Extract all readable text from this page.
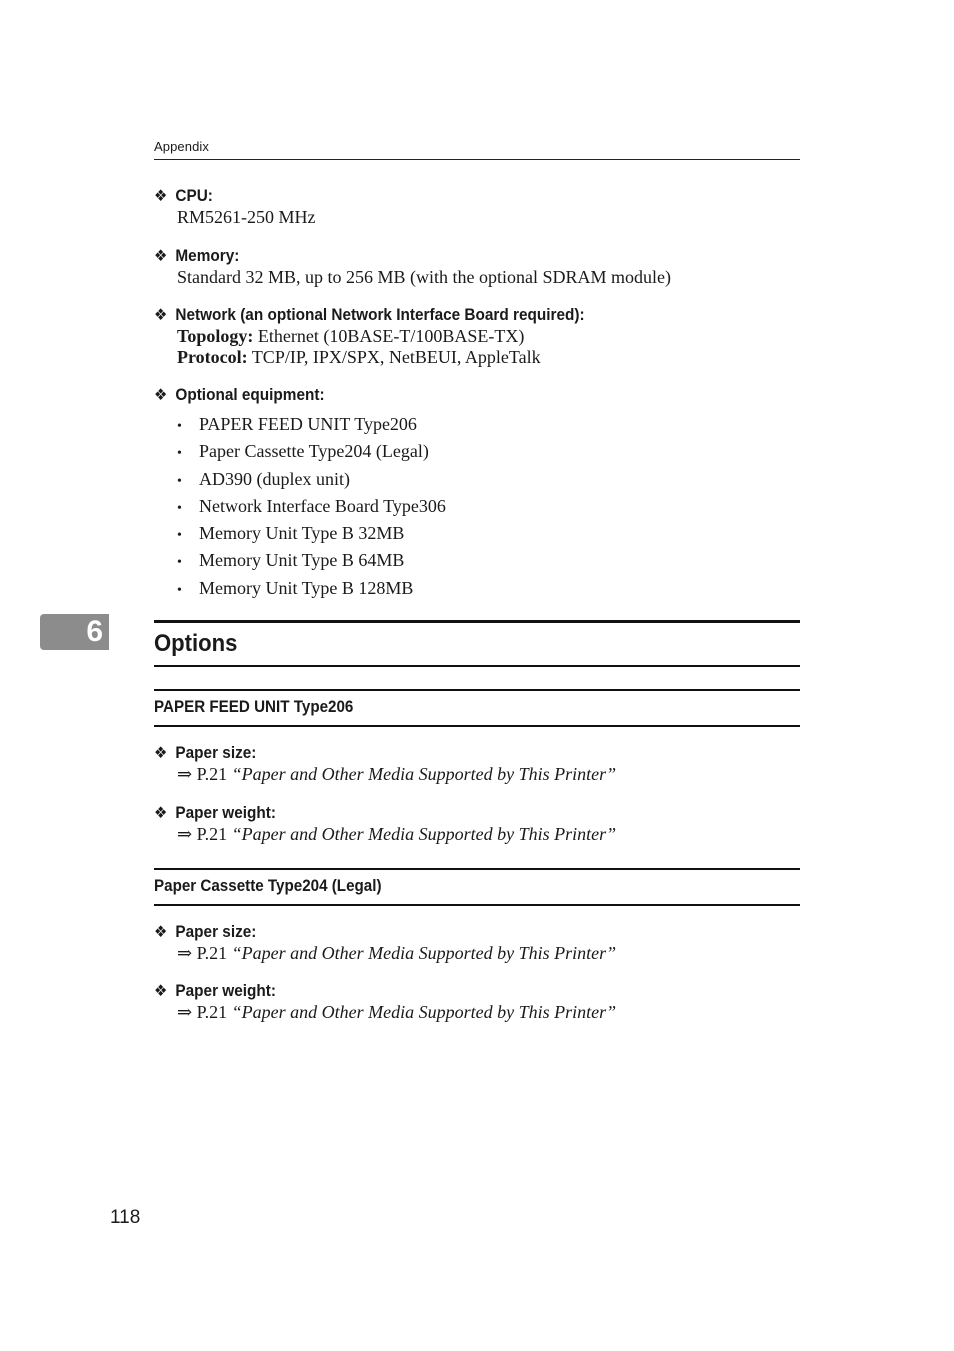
Appendix
❖ CPU:
RM5261-250 MHz
❖ Memory:
Standard 32 MB, up to 256 MB (with the optional SDRAM module)
❖ Network (an optional Network Interface Board required):
Topology: Ethernet (10BASE-T/100BASE-TX)
Protocol: TCP/IP, IPX/SPX, NetBEUI, AppleTalk
❖ Optional equipment:
• PAPER FEED UNIT Type206
• Paper Cassette Type204 (Legal)
• AD390 (duplex unit)
• Network Interface Board Type306
• Memory Unit Type B 32MB
• Memory Unit Type B 64MB
• Memory Unit Type B 128MB
6 Options
PAPER FEED UNIT Type206
❖ Paper size:
⇒ P.21 “Paper and Other Media Supported by This Printer”
❖ Paper weight:
⇒ P.21 “Paper and Other Media Supported by This Printer”
Paper Cassette Type204 (Legal)
❖ Paper size:
⇒ P.21 “Paper and Other Media Supported by This Printer”
❖ Paper weight:
⇒ P.21 “Paper and Other Media Supported by This Printer”
118
